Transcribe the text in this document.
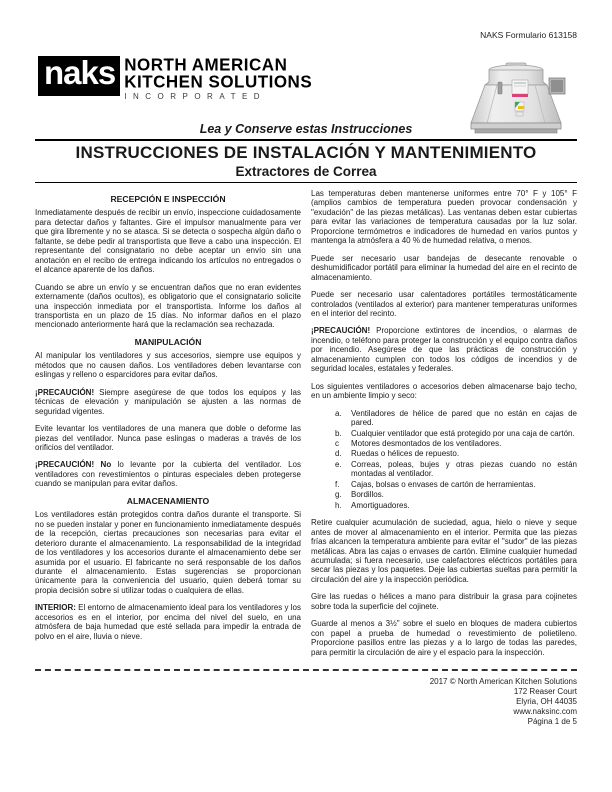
NAKS Formulario 613158
naks NORTH AMERICAN
KITCHEN SOLUTIONS
INCORPORATED
Lea y Conserve estas Instrucciones
INSTRUCCIONES DE INSTALACIÓN Y MANTENIMIENTO
Extractores de Correa
RECEPCIÓN E INSPECCIÓN
Inmediatamente después de recibir un envío, inspeccione cuidadosamente para detectar daños y faltantes. Gire el impulsor manualmente para ver que gira libremente y no se atasca. Si se detecta o sospecha algún daño o faltante, se debe pedir al transportista que lleve a cabo una inspección. El representante del consignatario no debe aceptar un envío sin una anotación en el recibo de entrega indicando los artículos no entregados o el alcance aparente de los daños.
Cuando se abre un envío y se encuentran daños que no eran evidentes externamente (daños ocultos), es obligatorio que el consignatario solicite una inspección inmediata por el transportista. Informe los daños al transportista en un plazo de 15 días. No informar daños en el plazo mencionado anteriormente hará que la reclamación sea rechazada.
MANIPULACIÓN
Al manipular los ventiladores y sus accesorios, siempre use equipos y métodos que no causen daños. Los ventiladores deben levantarse con eslingas y relleno o esparcidores para evitar daños.
¡PRECAUCIÓN! Siempre asegúrese de que todos los equipos y las técnicas de elevación y manipulación se ajusten a las normas de seguridad vigentes.
Evite levantar los ventiladores de una manera que doble o deforme las piezas del ventilador. Nunca pase eslingas o maderas a través de los orificios del ventilador.
¡PRECAUCIÓN! No lo levante por la cubierta del ventilador. Los ventiladores con revestimientos o pinturas especiales deben protegerse cuando se manipulan para evitar daños.
ALMACENAMIENTO
Los ventiladores están protegidos contra daños durante el transporte. Si no se pueden instalar y poner en funcionamiento inmediatamente después de la recepción, ciertas precauciones son necesarias para evitar el deterioro durante el almacenamiento. La responsabilidad de la integridad de los ventiladores y los accesorios durante el almacenamiento debe ser asumida por el usuario. El fabricante no será responsable de los daños durante el almacenamiento. Estas sugerencias se proporcionan únicamente para la conveniencia del usuario, quien deberá tomar su propia decisión sobre si utilizar todas o cualquiera de ellas.
INTERIOR: El entorno de almacenamiento ideal para los ventiladores y los accesorios es en el interior, por encima del nivel del suelo, en una atmósfera de baja humedad que esté sellada para impedir la entrada de polvo en el aire, lluvia o nieve.
Las temperaturas deben mantenerse uniformes entre 70° F y 105° F (amplios cambios de temperatura pueden provocar condensación y "exudación" de las piezas metálicas). Las ventanas deben estar cubiertas para evitar las variaciones de temperatura causadas por la luz solar. Proporcione termómetros e indicadores de humedad en varios puntos y mantenga la atmósfera a 40 % de humedad relativa, o menos.
Puede ser necesario usar bandejas de desecante renovable o deshumidificador portátil para eliminar la humedad del aire en el recinto de almacenamiento.
Puede ser necesario usar calentadores portátiles termostáticamente controlados (ventilados al exterior) para mantener temperaturas uniformes en el interior del recinto.
¡PRECAUCIÓN! Proporcione extintores de incendios, o alarmas de incendio, o teléfono para proteger la construcción y el equipo contra daños por incendio. Asegúrese de que las prácticas de construcción y almacenamiento cumplen con todos los códigos de incendios y de seguridad locales, estatales y federales.
Los siguientes ventiladores o accesorios deben almacenarse bajo techo, en un ambiente limpio y seco:
a.	Ventiladores de hélice de pared que no están en cajas de pared.
b.	Cualquier ventilador que está protegido por una caja de cartón.
c	Motores desmontados de los ventiladores.
d.	Ruedas o hélices de repuesto.
e.	Correas, poleas, bujes y otras piezas cuando no están montadas al ventilador.
f.	Cajas, bolsas o envases de cartón de herramientas.
g.	Bordillos.
h.	Amortiguadores.
Retire cualquier acumulación de suciedad, agua, hielo o nieve y seque antes de mover al almacenamiento en el interior. Permita que las piezas frías alcancen la temperatura ambiente para evitar el "sudor" de las piezas metálicas. Abra las cajas o envases de cartón. Elimine cualquier humedad acumulada; si fuera necesario, use calefactores eléctricos portátiles para secar las piezas y los paquetes. Deje las cubiertas sueltas para permitir la circulación del aire y la inspección periódica.
Gire las ruedas o hélices a mano para distribuir la grasa para cojinetes sobre toda la superficie del cojinete.
Guarde al menos a 3½" sobre el suelo en bloques de madera cubiertos con papel a prueba de humedad o revestimiento de polietileno. Proporcione pasillos entre las piezas y a lo largo de todas las paredes, para permitir la circulación de aire y el espacio para la inspección.
2017 © North American Kitchen Solutions
172 Reaser Court
Elyria, OH 44035
www.naksinc.com
Página 1 de 5
